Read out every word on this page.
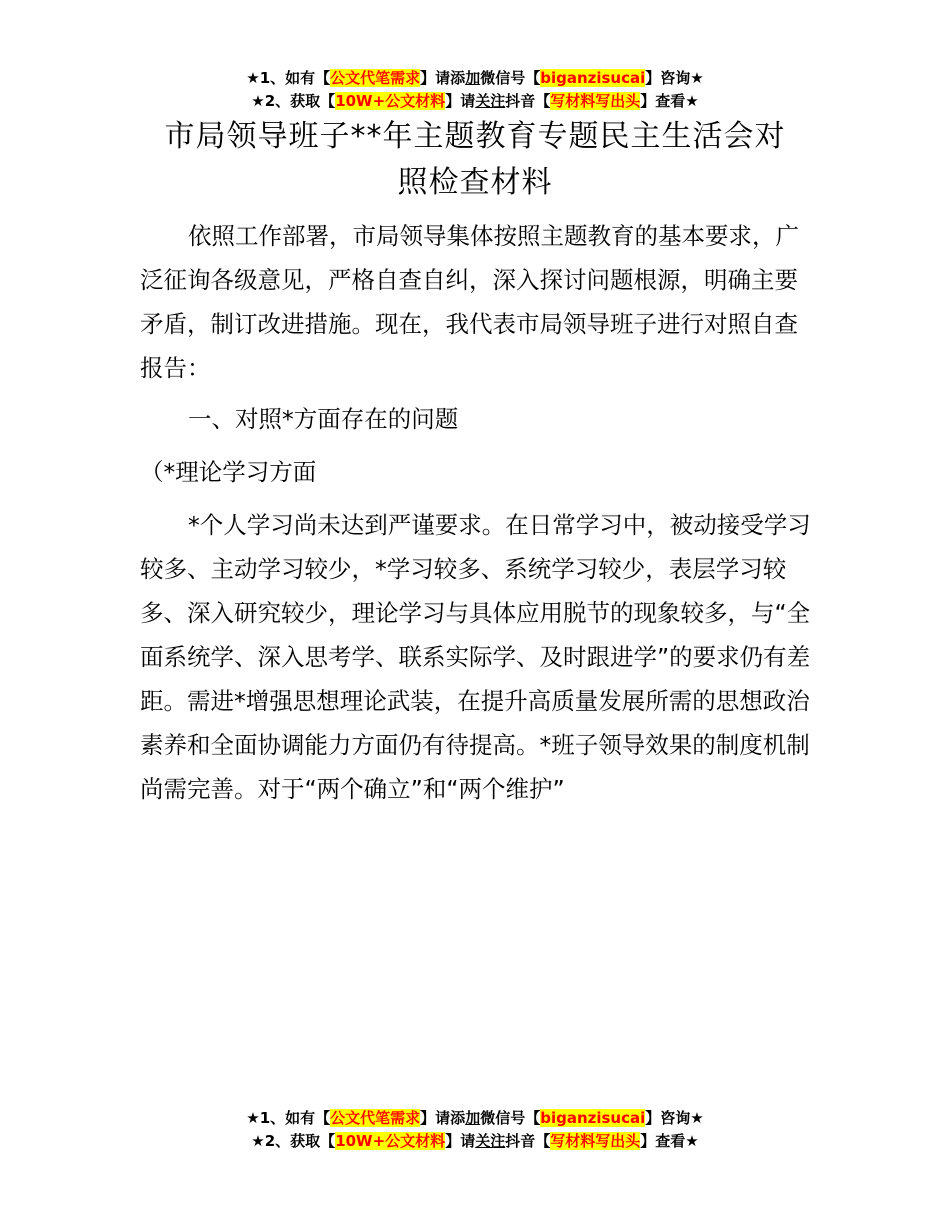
★1、如有【公文代笔需求】请添加微信号【biganzisucai】咨询★
★2、获取【10W+公文材料】请关注抖音【写材料写出头】查看★
市局领导班子**年主题教育专题民主生活会对
照检查材料

依照工作部署，市局领导集体按照主题教育的基本要求，广泛征询各级意见，严格自查自纠，深入探讨问题根源，明确主要矛盾，制订改进措施。现在，我代表市局领导班子进行对照自查报告：

一、对照*方面存在的问题

（*理论学习方面

*个人学习尚未达到严谨要求。在日常学习中，被动接受学习较多、主动学习较少，*学习较多、系统学习较少，表层学习较多、深入研究较少，理论学习与具体应用脱节的现象较多，与“全面系统学、深入思考学、联系实际学、及时跟进学”的要求仍有差距。需进*增强思想理论武装，在提升高质量发展所需的思想政治素养和全面协调能力方面仍有待提高。*班子领导效果的制度机制尚需完善。对于“两个确立”和“两个维护”

★1、如有【公文代笔需求】请添加微信号【biganzisucai】咨询★
★2、获取【10W+公文材料】请关注抖音【写材料写出头】查看★
